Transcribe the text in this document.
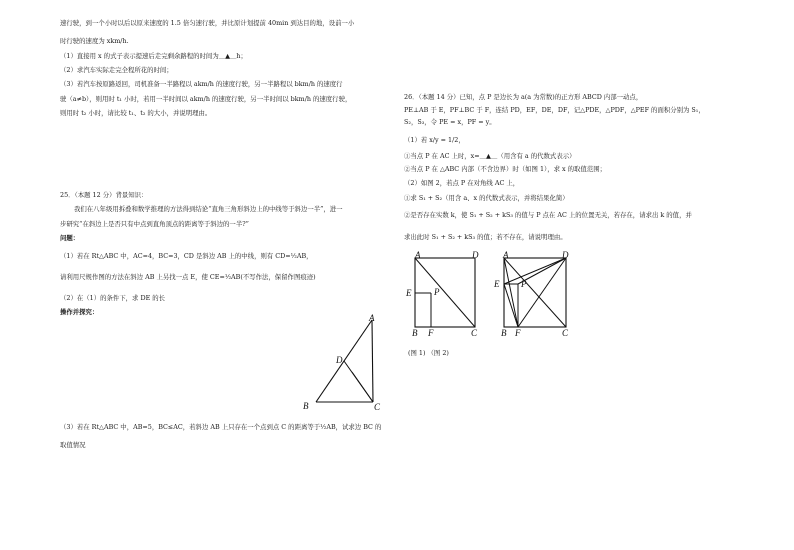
速行驶，到一个小时以后以原来速度的 1.5 倍匀速行驶，并比原计划提前 40min 到达目的地，设前一小
时行驶的速度为 xkm/h.
（1）直接用 x 的式子表示提速后走完剩余路程的时间为＿▲＿h；
（2）求汽车实际走完全程所花的时间；
（3）若汽车按原路返回，司机准备一半路程以 akm/h 的速度行驶，另一半路程以 bkm/h 的速度行
驶（a≠b），则用时 t₁ 小时，若用一半时间以 akm/h 的速度行驶，另一半时间以 bkm/h 的速度行驶，
则用时 t₂ 小时，请比较 t₁、t₂ 的大小，并说明理由。
25．（本题 12 分）背景知识：
我们在八年级用拆叠和数学推理的方法得到结论“直角三角形斜边上的中线等于斜边一半”，进一
步研究“在斜边上是否只有中点到直角顶点的距离等于斜边的一半?”
问题：
（1）若在 Rt△ABC 中，AC=4，BC=3，CD 是斜边 AB 上的中线，则有 CD=½AB，
请利用尺规作图的方法在斜边 AB 上另找一点 E，使 CE=½AB(不写作法，保留作图痕迹)
（2）在（1）的条件下，求 DE 的长
操作并探究：
A
D
B	C
（3）若在 Rt△ABC 中，AB=5，BC≤AC，若斜边 AB 上只存在一个点到点 C 的距离等于½AB，试求边 BC 的
取值情况
26．（本题 14 分）已知，点 P 是边长为 a(a 为常数)的正方形 ABCD 内部一动点，
PE⊥AB 于 E，PF⊥BC 于 F，连结 PD，EF，DE，DF，记△PDE，△PDF，△PEF 的面积分别为 S₁，
S₂，S₃，令 PE = x，PF = y。
（1）若 x/y = 1/2，
①当点 P 在 AC 上时，x=＿▲＿（用含有 a 的代数式表示）
②当点 P 在 △ABC 内部（不含边界）时（如图 1），求 x 的取值范围；
（2）如图 2，若点 P 在对角线 AC 上，
①求 S₁ + S₂（用含 a、x 的代数式表示，并将结果化简）
②是否存在实数 k，使 S₁ + S₂ + kS₃ 的值与 P 点在 AC 上的位置无关，若存在，请求出 k 的值，并
求出此时 S₁ + S₂ + kS₃ 的值；若不存在，请说明理由。
A	D
E	P
B F	C
A	D
E P
B F	C
(图 1) （图 2)
